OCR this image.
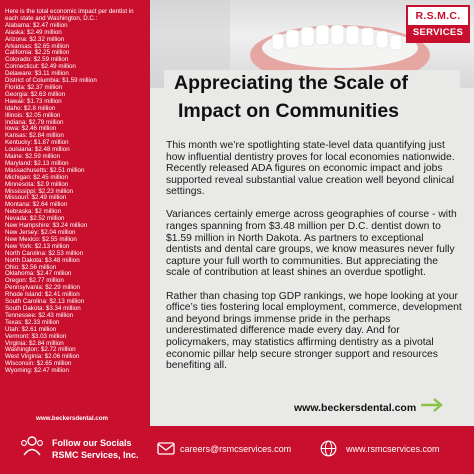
Here is the total economic impact per dentist in each state and Washington, D.C.:
Alabama: $2.47 million
Alaska: $2.49 million
Arizona: $2.32 million
Arkansas: $2.65 million
California: $2.25 million
Colorado: $2.59 million
Connecticut: $2.49 million
Delaware: $3.11 million
District of Columbia: $1.59 million
Florida: $2.37 million
Georgia: $2.63 million
Hawaii: $1.73 million
Idaho: $2.8 million
Illinois: $2.05 million
Indiana: $2.79 million
Iowa: $2.46 million
Kansas: $2.84 million
Kentucky: $1.87 million
Louisiana: $2.48 million
Maine: $2.59 million
Maryland: $2.13 million
Massachusetts: $2.51 million
Michigan: $2.45 million
Minnesota: $2.9 million
Mississippi: $2.23 million
Missouri: $2.49 million
Montana: $2.64 million
Nebraska: $2 million
Nevada: $2.52 million
New Hampshire: $3.24 million
New Jersey: $2.04 million
New Mexico: $2.55 million
New York: $2.13 million
North Carolina: $2.53 million
North Dakota: $3.48 million
Ohio: $2.56 million
Oklahoma: $2.47 million
Oregon: $2.77 million
Pennsylvania: $2.29 million
Rhode Island: $2.41 million
South Carolina: $2.13 million
South Dakota: $3.34 million
Tennessee: $2.43 million
Texas: $2.33 million
Utah: $2.61 million
Vermont: $3.03 million
Virginia: $2.84 million
Washington: $2.72 million
West Virginia: $2.06 million
Wisconsin: $2.65 million
Wyoming: $2.47 million
www.beckersdental.com
R.S.M.C.
SERVICES
Appreciating the Scale of
Impact on Communities

This month we’re spotlighting state-level data quantifying just how influential dentistry proves for local economies nationwide. Recently released ADA figures on economic impact and jobs supported reveal substantial value creation well beyond clinical settings.

Variances certainly emerge across geographies of course - with ranges spanning from $3.48 million per D.C. dentist down to $1.59 million in North Dakota. As partners to exceptional dentists and dental care groups, we know measures never fully capture your full worth to communities. But appreciating the scale of contribution at least shines an overdue spotlight.

Rather than chasing top GDP rankings, we hope looking at your office’s ties fostering local employment, commerce, development and beyond brings immense pride in the perhaps underestimated difference made every day. And for policymakers, may statistics affirming dentistry as a pivotal economic pillar help secure stronger support and resources benefiting all.

www.beckersdental.com
Follow our Socials
RSMC Services, Inc.
careers@rsmcservices.com	www.rsmcservices.com
